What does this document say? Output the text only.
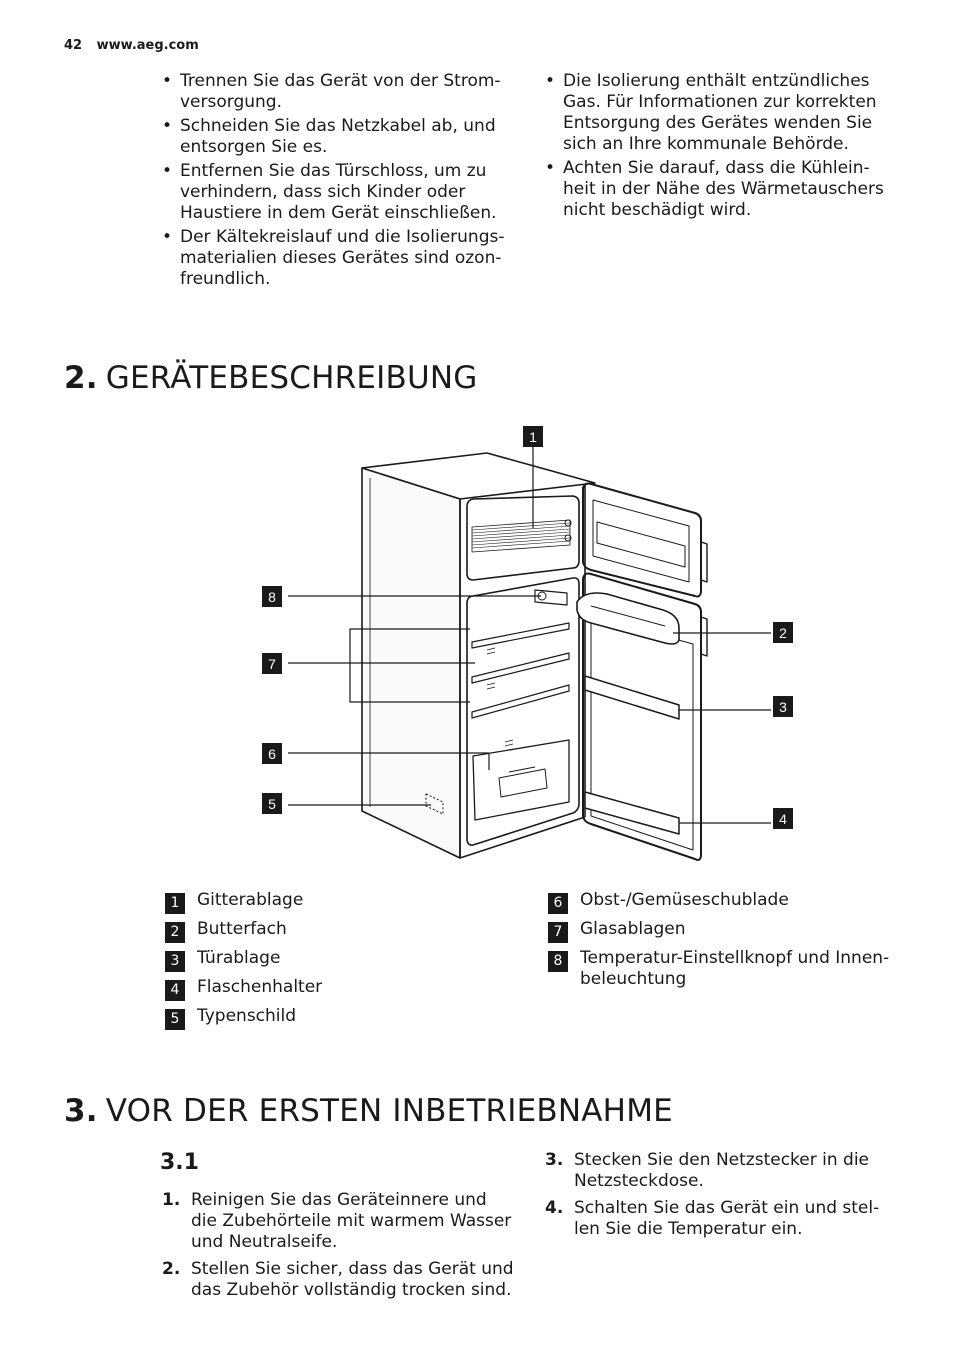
42 www.aeg.com
• Trennen Sie das Gerät von der Strom- versorgung.
• Schneiden Sie das Netzkabel ab, und entsorgen Sie es.
• Entfernen Sie das Türschloss, um zu verhindern, dass sich Kinder oder Haustiere in dem Gerät einschließen.
• Der Kältekreislauf und die Isolierungs- materialien dieses Gerätes sind ozon- freundlich.
• Die Isolierung enthält entzündliches Gas. Für Informationen zur korrekten Entsorgung des Gerätes wenden Sie sich an Ihre kommunale Behörde.
• Achten Sie darauf, dass die Kühlein- heit in der Nähe des Wärmetauschers nicht beschädigt wird.
2. GERÄTEBESCHREIBUNG
1
8
7
6
5
2
3
4
1	Gitterablage
2	Butterfach
3	Türablage
4	Flaschenhalter
5	Typenschild
6	Obst-/Gemüseschublade
7	Glasablagen
8	Temperatur-Einstellknopf und Innen- beleuchtung
3. VOR DER ERSTEN INBETRIEBNAHME
3.1
1. Reinigen Sie das Geräteinnere und die Zubehörteile mit warmem Wasser und Neutralseife.
2. Stellen Sie sicher, dass das Gerät und das Zubehör vollständig trocken sind.
3. Stecken Sie den Netzstecker in die Netzsteckdose.
4. Schalten Sie das Gerät ein und stel- len Sie die Temperatur ein.
